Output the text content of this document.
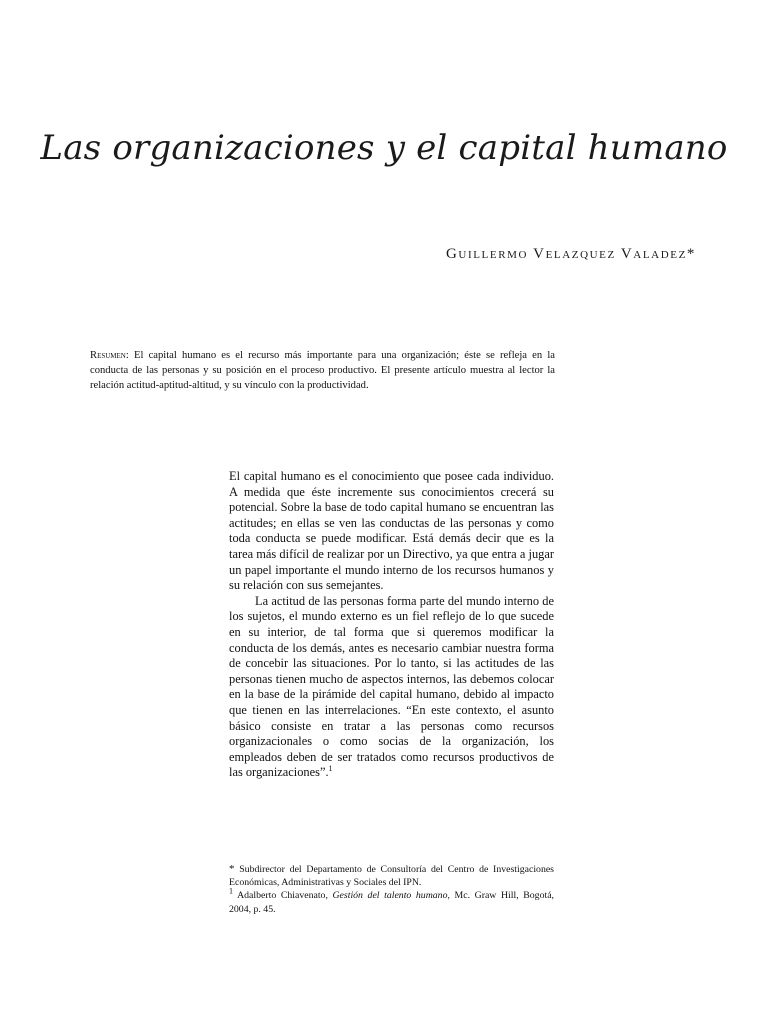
Las organizaciones y el capital humano
Guillermo Velazquez Valadez*
Resumen: El capital humano es el recurso más importante para una organización; éste se refleja en la conducta de las personas y su posición en el proceso productivo. El presente artículo muestra al lector la relación actitud-aptitud-altitud, y su vínculo con la productividad.

El capital humano es el conocimiento que posee cada individuo. A medida que éste incremente sus conocimientos crecerá su potencial. Sobre la base de todo capital humano se encuentran las actitudes; en ellas se ven las conductas de las personas y como toda conducta se puede modificar. Está demás decir que es la tarea más difícil de realizar por un Directivo, ya que entra a jugar un papel importante el mundo interno de los recursos humanos y su relación con sus semejantes.

La actitud de las personas forma parte del mundo interno de los sujetos, el mundo externo es un fiel reflejo de lo que sucede en su interior, de tal forma que si queremos modificar la conducta de los demás, antes es necesario cambiar nuestra forma de concebir las situaciones. Por lo tanto, si las actitudes de las personas tienen mucho de aspectos internos, las debemos colocar en la base de la pirámide del capital humano, debido al impacto que tienen en las interrelaciones. “En este contexto, el asunto básico consiste en tratar a las personas como recursos organizacionales o como socias de la organización, los empleados deben de ser tratados como recursos productivos de las organizaciones”.$^1$

* Subdirector del Departamento de Consultoría del Centro de Investigaciones Económicas, Administrativas y Sociales del IPN.

$^1$ Adalberto Chiavenato, Gestión del talento humano, Mc. Graw Hill, Bogotá, 2004, p. 45.
